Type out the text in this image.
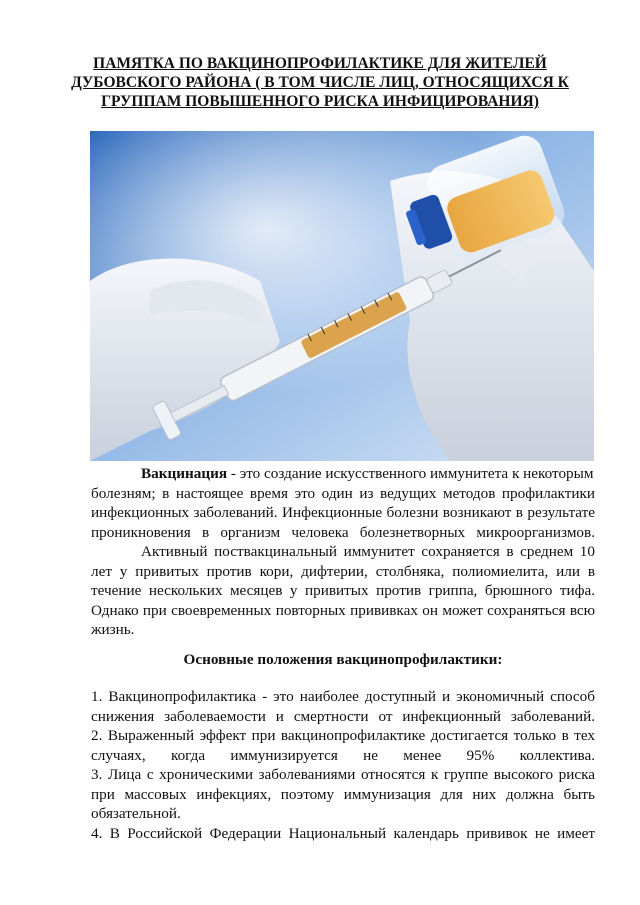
ПАМЯТКА ПО ВАКЦИНОПРОФИЛАКТИКЕ ДЛЯ ЖИТЕЛЕЙ
ДУБОВСКОГО РАЙОНА ( В ТОМ ЧИСЛЕ ЛИЦ, ОТНОСЯЩИХСЯ К
ГРУППАМ ПОВЫШЕННОГО РИСКА ИНФИЦИРОВАНИЯ)
Вакцинация - это создание искусственного иммунитета к некоторым
болезням; в настоящее время это один из ведущих методов профилактики
инфекционных заболеваний. Инфекционные болезни возникают в результате
проникновения в организм человека болезнетворных микроорганизмов.
Активный поствакцинальный иммунитет сохраняется в среднем 10
лет у привитых против кори, дифтерии, столбняка, полиомиелита, или в
течение нескольких месяцев у привитых против гриппа, брюшного тифа.
Однако при своевременных повторных прививках он может сохраняться всю
жизнь.
Основные положения вакцинопрофилактики:
1. Вакцинопрофилактика - это наиболее доступный и экономичный способ
снижения заболеваемости и смертности от инфекционный заболеваний.
2. Выраженный эффект при вакцинопрофилактике достигается только в тех
случаях, когда иммунизируется не менее 95% коллектива.
3. Лица с хроническими заболеваниями относятся к группе высокого риска
при массовых инфекциях, поэтому иммунизация для них должна быть
обязательной.
4. В Российской Федерации Национальный календарь прививок не имеет
